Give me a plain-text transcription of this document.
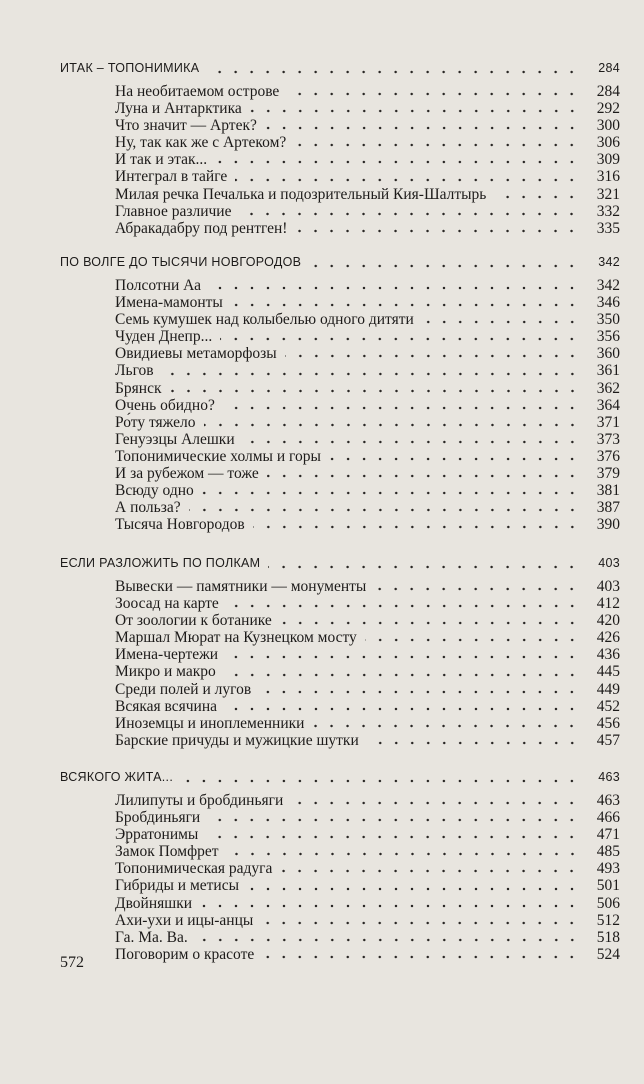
ИТАК – ТОПОНИМИКА	284
На необитаемом острове	284
Луна и Антарктика	292
Что значит — Артек?	300
Ну, так как же с Артеком?	306
И так и этак...	309
Интеграл в тайге	316
Милая речка Печалька и подозрительный Кия-Шалтырь	321
Главное различие	332
Абракадабру под рентген!	335
ПО ВОЛГЕ ДО ТЫСЯЧИ НОВГОРОДОВ	342
Полсотни Аа	342
Имена-мамонты	346
Семь кумушек над колыбелью одного дитяти	350
Чуден Днепр...	356
Овидиевы метаморфозы	360
Льгов	361
Брянск	362
Очень обидно?	364
Ро́ту тяжело	371
Генуэзцы Алешки	373
Топонимические холмы и горы	376
И за рубежом — тоже	379
Всюду одно	381
А польза?	387
Тысяча Новгородов	390
ЕСЛИ РАЗЛОЖИТЬ ПО ПОЛКАМ	403
Вывески — памятники — монументы	403
Зоосад на карте	412
От зоологии к ботанике	420
Маршал Мюрат на Кузнецком мосту	426
Имена-чертежи	436
Микро и макро	445
Среди полей и лугов	449
Всякая всячина	452
Иноземцы и иноплеменники	456
Барские причуды и мужицкие шутки	457
ВСЯКОГО ЖИТА...	463
Лилипуты и бробдиньяги	463
Бробдиньяги	466
Эрратонимы	471
За́мок Помфрет	485
Топонимическая радуга	493
Гибриды и метисы	501
Двойняшки	506
Ахи-ухи и ицы-анцы	512
Га. Ма. Ва.	518
Поговорим о красоте	524
572
